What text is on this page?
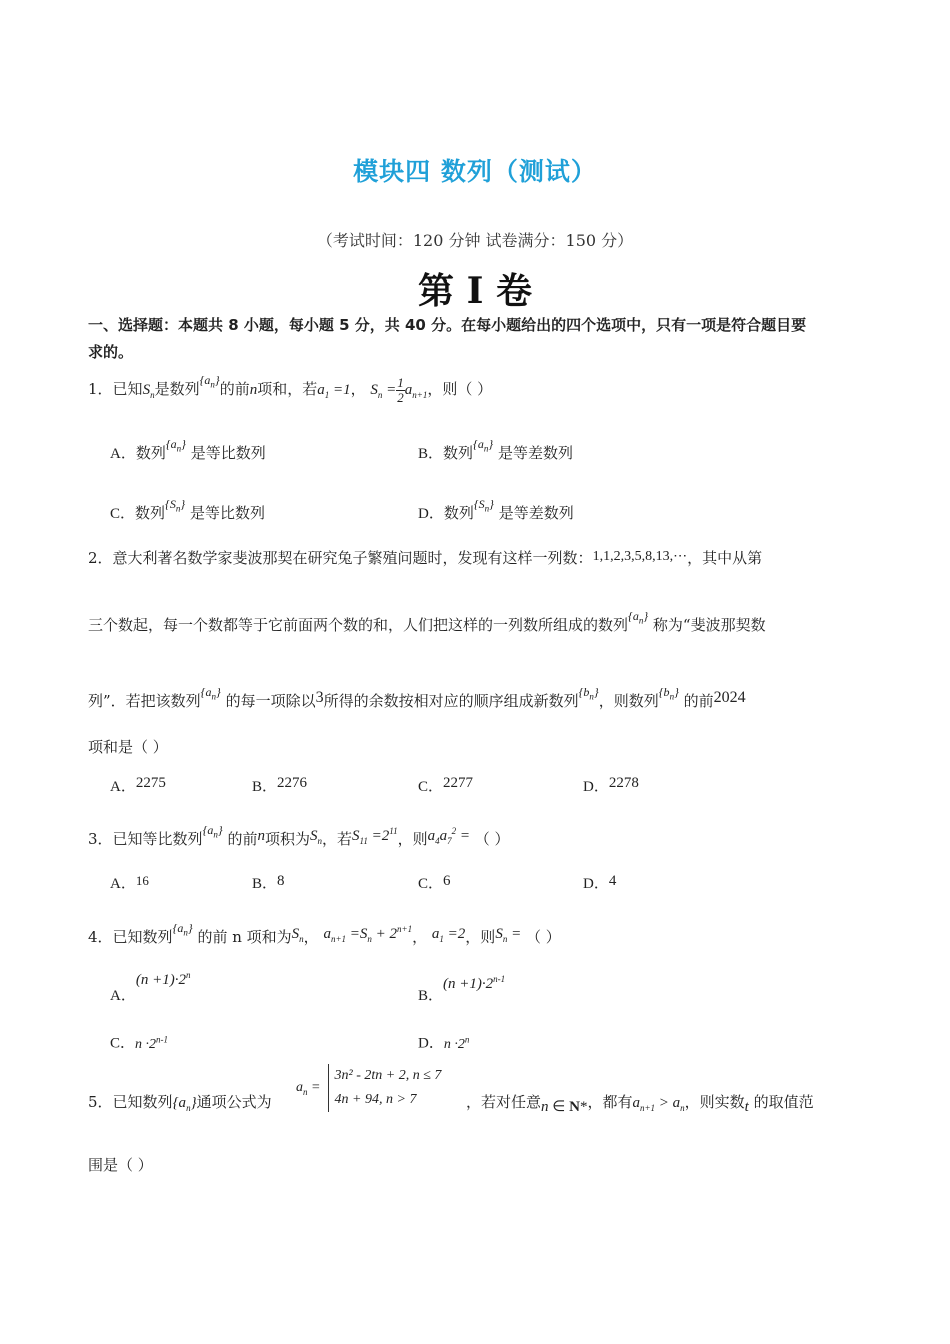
模块四 数列（测试）
（考试时间：120 分钟 试卷满分：150 分）
第 I 卷
一、选择题：本题共 8 小题，每小题 5 分，共 40 分。在每小题给出的四个选项中，只有一项是符合题目要
求的。
1．已知$S_n$是数列$\{a_n\}$的前n项和，若$a_1 =1$， $S_n = \frac{1}{2} a_{n+1}$，则（ ）
A．数列$\{a_n\}$ 是等比数列	B．数列$\{a_n\}$ 是等差数列
C．数列$\{S_n\}$ 是等比数列	D．数列$\{S_n\}$ 是等差数列
2．意大利著名数学家斐波那契在研究兔子繁殖问题时，发现有这样一列数：1,1,2,3,5,8,13,⋯，其中从第
三个数起，每一个数都等于它前面两个数的和，人们把这样的一列数所组成的数列$\{a_n\}$ 称为“斐波那契数
列”．若把该数列$\{a_n\}$ 的每一项除以3所得的余数按相对应的顺序组成新数列$\{b_n\}$，则数列$\{b_n\}$ 的前2024
项和是（ ）
A．2275	B．2276	C．2277	D．2278
3．已知等比数列$\{a_n\}$ 的前n项积为$S_n$，若$S_{11} =2^{11}$，则$a_4a_7^2$ = （ ）
A．16	B．8	C．6	D．4
4．已知数列$\{a_n\}$ 的前 n 项和为$S_n$， $a_{n+1} =S_n + 2^{n+1}$， $a_1 =2$，则$S_n$ = （ ）
A．$(n +1)\cdot 2^n$
B．$(n +1)\cdot 2^{n-1}$
C．$n \cdot 2^{n-1}$	D．$n \cdot 2^n$
5．已知数列$\{a_n\}$通项公式为
$a_n$ =
3n² - 2tn + 2, n ≤ 7
4n + 94, n > 7	，若对任意n ∈ N*，都有$a_{n+1} > a_n$，则实数t 的取值范
围是（ ）
